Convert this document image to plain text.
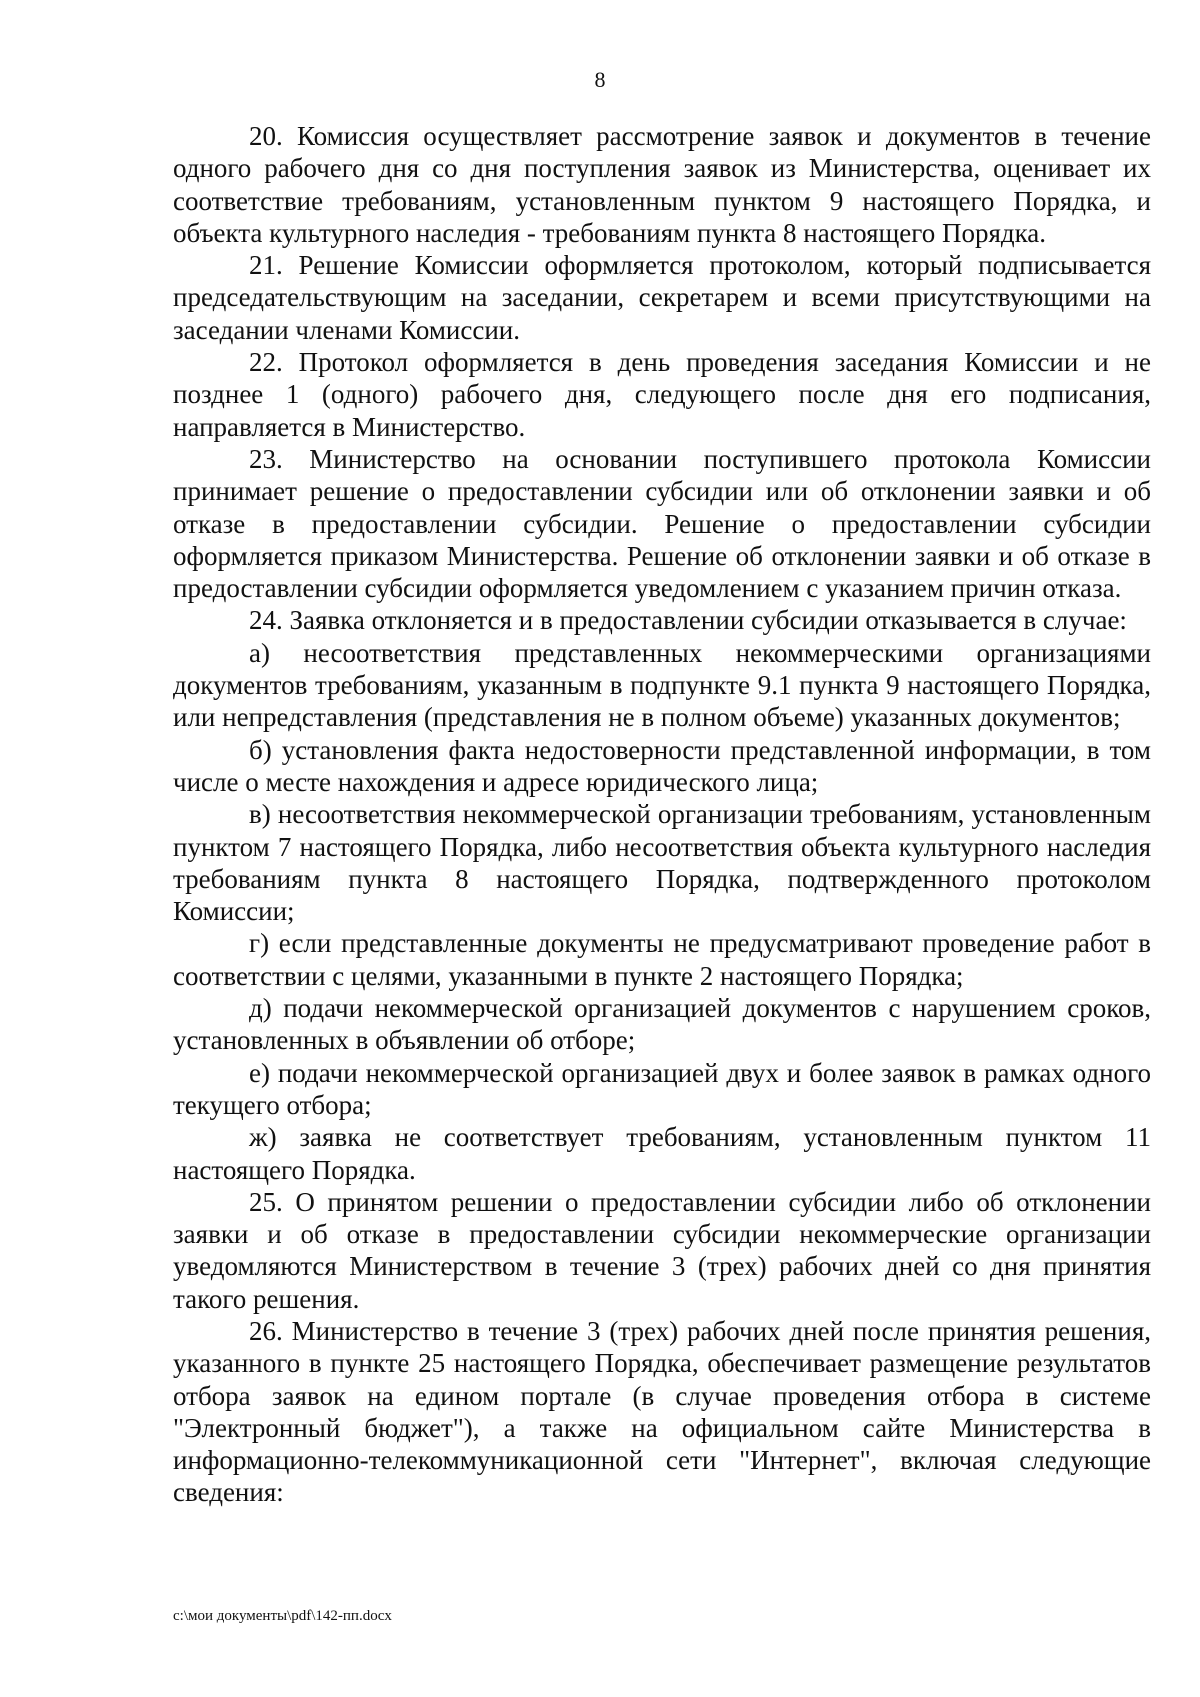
8

20. Комиссия осуществляет рассмотрение заявок и документов в течение одного рабочего дня со дня поступления заявок из Министерства, оценивает их соответствие требованиям, установленным пунктом 9 настоящего Порядка, и объекта культурного наследия - требованиям пункта 8 настоящего Порядка.

21. Решение Комиссии оформляется протоколом, который подписывается председательствующим на заседании, секретарем и всеми присутствующими на заседании членами Комиссии.

22. Протокол оформляется в день проведения заседания Комиссии и не позднее 1 (одного) рабочего дня, следующего после дня его подписания, направляется в Министерство.

23. Министерство на основании поступившего протокола Комиссии принимает решение о предоставлении субсидии или об отклонении заявки и об отказе в предоставлении субсидии. Решение о предоставлении субсидии оформляется приказом Министерства. Решение об отклонении заявки и об отказе в предоставлении субсидии оформляется уведомлением с указанием причин отказа.

24. Заявка отклоняется и в предоставлении субсидии отказывается в случае:

а) несоответствия представленных некоммерческими организациями документов требованиям, указанным в подпункте 9.1 пункта 9 настоящего Порядка, или непредставления (представления не в полном объеме) указанных документов;

б) установления факта недостоверности представленной информации, в том числе о месте нахождения и адресе юридического лица;

в) несоответствия некоммерческой организации требованиям, установленным пунктом 7 настоящего Порядка, либо несоответствия объекта культурного наследия требованиям пункта 8 настоящего Порядка, подтвержденного протоколом Комиссии;

г) если представленные документы не предусматривают проведение работ в соответствии с целями, указанными в пункте 2 настоящего Порядка;

д) подачи некоммерческой организацией документов с нарушением сроков, установленных в объявлении об отборе;

е) подачи некоммерческой организацией двух и более заявок в рамках одного текущего отбора;

ж) заявка не соответствует требованиям, установленным пунктом 11 настоящего Порядка.

25. О принятом решении о предоставлении субсидии либо об отклонении заявки и об отказе в предоставлении субсидии некоммерческие организации уведомляются Министерством в течение 3 (трех) рабочих дней со дня принятия такого решения.

26. Министерство в течение 3 (трех) рабочих дней после принятия решения, указанного в пункте 25 настоящего Порядка, обеспечивает размещение результатов отбора заявок на едином портале (в случае проведения отбора в системе "Электронный бюджет"), а также на официальном сайте Министерства в информационно-телекоммуникационной сети "Интернет", включая следующие сведения:

c:\мои документы\pdf\142-пп.docx
